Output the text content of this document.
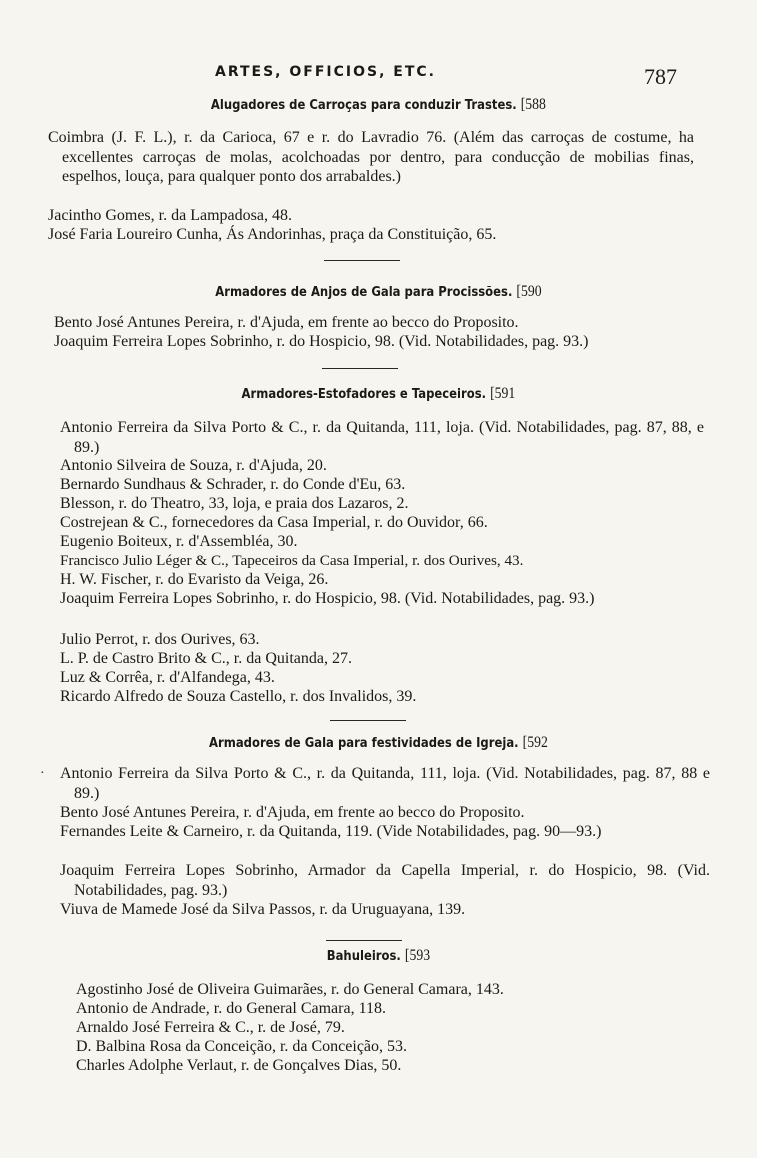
ARTES, OFFICIOS, ETC.	787
Alugadores de Carroças para conduzir Trastes. [588
Coimbra (J. F. L.), r. da Carioca, 67 e r. do Lavradio 76. (Além das carroças de costume, ha excellentes carroças de molas, acolchoadas por dentro, para conducção de mobilias finas, espelhos, louça, para qualquer ponto dos arrabaldes.)
Jacintho Gomes, r. da Lampadosa, 48.
José Faria Loureiro Cunha, Ás Andorinhas, praça da Constituição, 65.
Armadores de Anjos de Gala para Procissões. [590
Bento José Antunes Pereira, r. d'Ajuda, em frente ao becco do Proposito.
Joaquim Ferreira Lopes Sobrinho, r. do Hospicio, 98. (Vid. Notabilidades, pag. 93.)
Armadores-Estofadores e Tapeceiros. [591
Antonio Ferreira da Silva Porto & C., r. da Quitanda, 111, loja. (Vid. Notabilidades, pag. 87, 88, e 89.)
Antonio Silveira de Souza, r. d'Ajuda, 20.
Bernardo Sundhaus & Schrader, r. do Conde d'Eu, 63.
Blesson, r. do Theatro, 33, loja, e praia dos Lazaros, 2.
Costrejean & C., fornecedores da Casa Imperial, r. do Ouvidor, 66.
Eugenio Boiteux, r. d'Assembléa, 30.
Francisco Julio Léger & C., Tapeceiros da Casa Imperial, r. dos Ourives, 43.
H. W. Fischer, r. do Evaristo da Veiga, 26.
Joaquim Ferreira Lopes Sobrinho, r. do Hospicio, 98. (Vid. Notabilidades, pag. 93.)
Julio Perrot, r. dos Ourives, 63.
L. P. de Castro Brito & C., r. da Quitanda, 27.
Luz & Corrêa, r. d'Alfandega, 43.
Ricardo Alfredo de Souza Castello, r. dos Invalidos, 39.
Armadores de Gala para festividades de Igreja. [592
· Antonio Ferreira da Silva Porto & C., r. da Quitanda, 111, loja. (Vid. Notabilidades, pag. 87, 88 e 89.)
Bento José Antunes Pereira, r. d'Ajuda, em frente ao becco do Proposito.
Fernandes Leite & Carneiro, r. da Quitanda, 119. (Vide Notabilidades, pag. 90—93.)
Joaquim Ferreira Lopes Sobrinho, Armador da Capella Imperial, r. do Hospicio, 98. (Vid. Notabilidades, pag. 93.)
Viuva de Mamede José da Silva Passos, r. da Uruguayana, 139.
Bahuleiros. [593
Agostinho José de Oliveira Guimarães, r. do General Camara, 143.
Antonio de Andrade, r. do General Camara, 118.
Arnaldo José Ferreira & C., r. de José, 79.
D. Balbina Rosa da Conceição, r. da Conceição, 53.
Charles Adolphe Verlaut, r. de Gonçalves Dias, 50.
